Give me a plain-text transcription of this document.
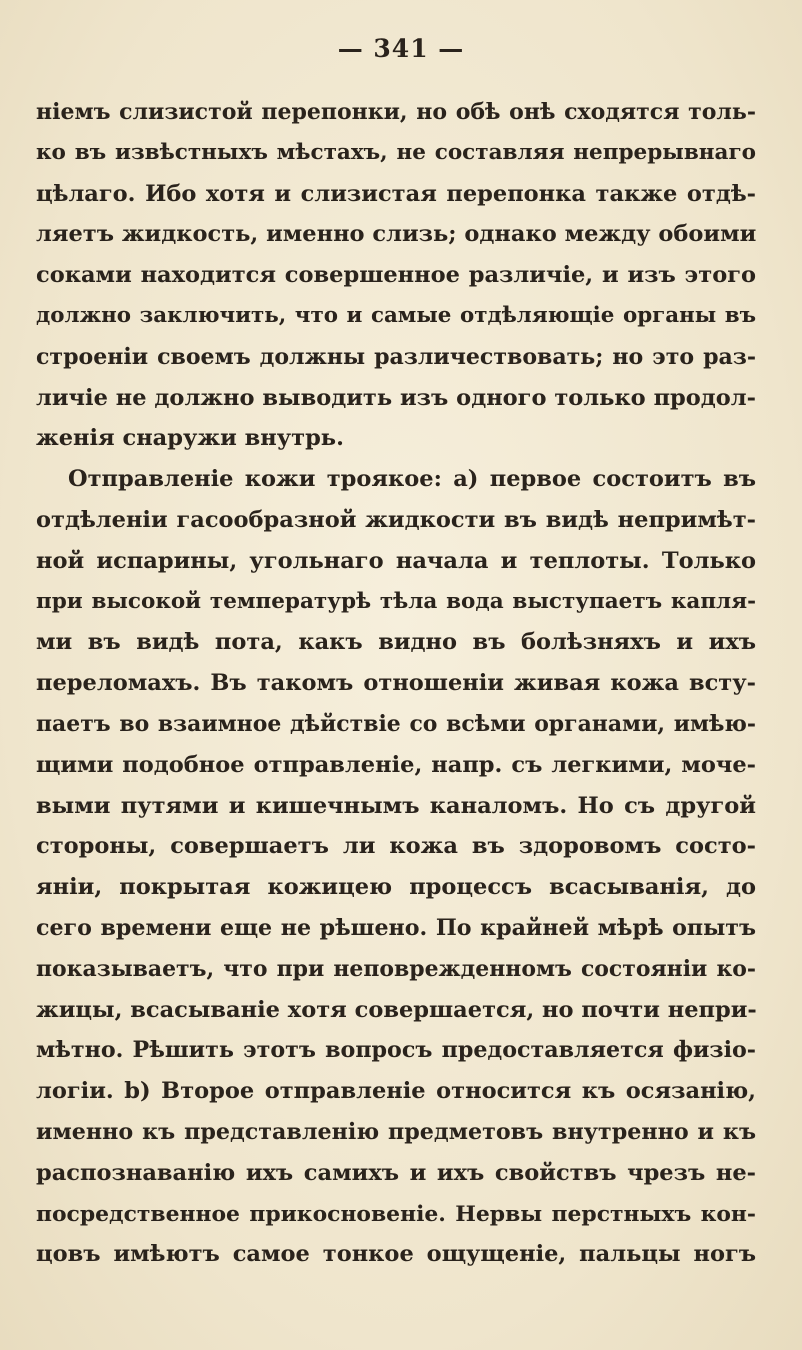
— 341 —
ніемъ слизистой перепонки, но обѣ онѣ сходятся толь-
ко въ извѣстныхъ мѣстахъ, не составляя непрерывнаго
цѣлаго. Ибо хотя и слизистая перепонка также отдѣ-
ляетъ жидкость, именно слизь; однако между обоими
соками находится совершенное различіе, и изъ этого
должно заключить, что и самые отдѣляющіе органы въ
строеніи своемъ должны различествовать; но это раз-
личіе не должно выводить изъ одного только продол-
женія снаружи внутрь.
Отправленіе кожи троякое: a) первое состоитъ въ
отдѣленіи гасообразной жидкости въ видѣ непримѣт-
ной испарины, угольнаго начала и теплоты. Только
при высокой температурѣ тѣла вода выступаетъ капля-
ми въ видѣ пота, какъ видно въ болѣзняхъ и ихъ
переломахъ. Въ такомъ отношеніи живая кожа всту-
паетъ во взаимное дѣйствіе со всѣми органами, имѣю-
щими подобное отправленіе, напр. съ легкими, моче-
выми путями и кишечнымъ каналомъ. Но съ другой
стороны, совершаетъ ли кожа въ здоровомъ состо-
яніи, покрытая кожицею процессъ всасыванія, до
сего времени еще не рѣшено. По крайней мѣрѣ опытъ
показываетъ, что при неповрежденномъ состояніи ко-
жицы, всасываніе хотя совершается, но почти непри-
мѣтно. Рѣшить этотъ вопросъ предоставляется физіо-
логіи. b) Второе отправленіе относится къ осязанію,
именно къ представленію предметовъ внутренно и къ
распознаванію ихъ самихъ и ихъ свойствъ чрезъ не-
посредственное прикосновеніе. Нервы перстныхъ кон-
цовъ имѣютъ самое тонкое ощущеніе, пальцы ногъ
